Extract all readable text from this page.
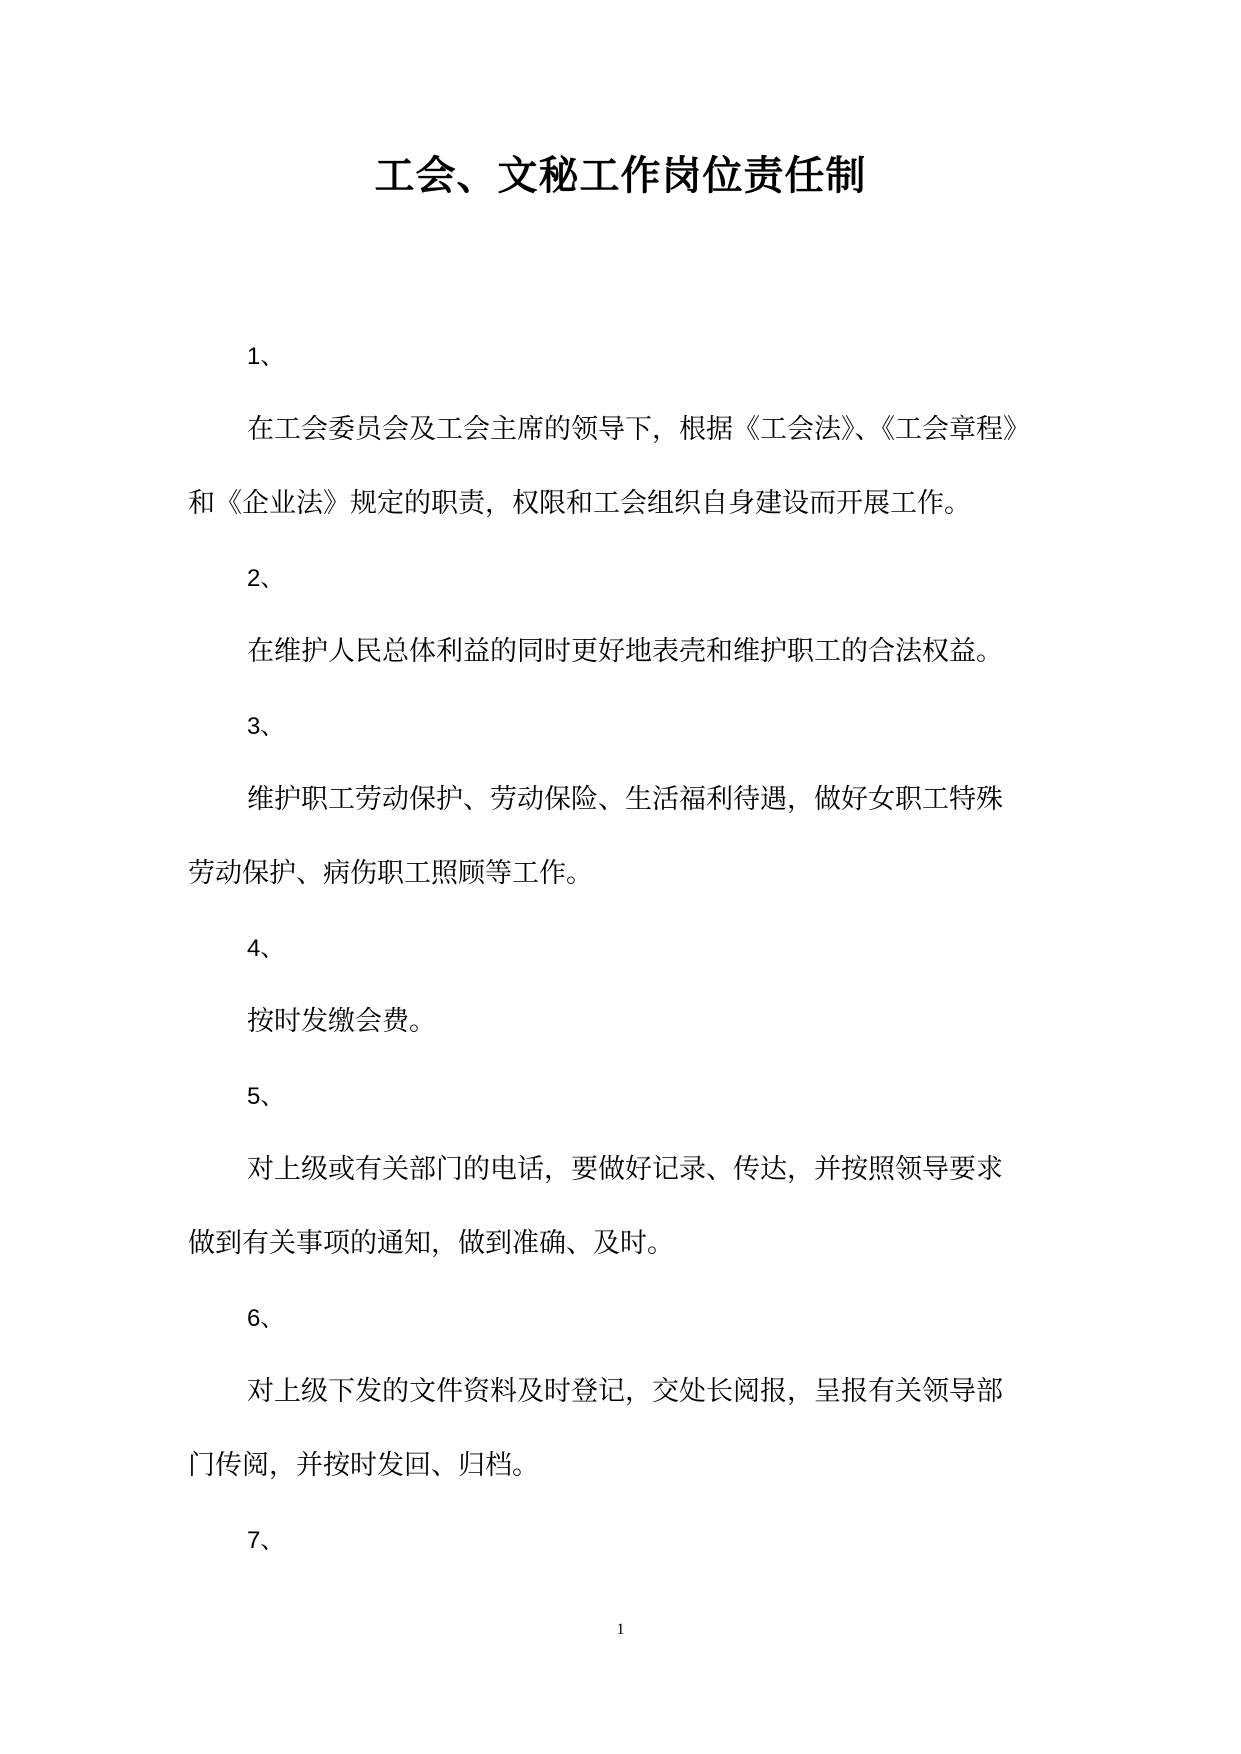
工会、文秘工作岗位责任制
1、
在工会委员会及工会主席的领导下，根据《工会法》、《工会章程》
和《企业法》规定的职责，权限和工会组织自身建设而开展工作。
2、
在维护人民总体利益的同时更好地表壳和维护职工的合法权益。
3、
维护职工劳动保护、劳动保险、生活福利待遇，做好女职工特殊
劳动保护、病伤职工照顾等工作。
4、
按时发缴会费。
5、
对上级或有关部门的电话，要做好记录、传达，并按照领导要求
做到有关事项的通知，做到准确、及时。
6、
对上级下发的文件资料及时登记，交处长阅报，呈报有关领导部
门传阅，并按时发回、归档。
7、
1
